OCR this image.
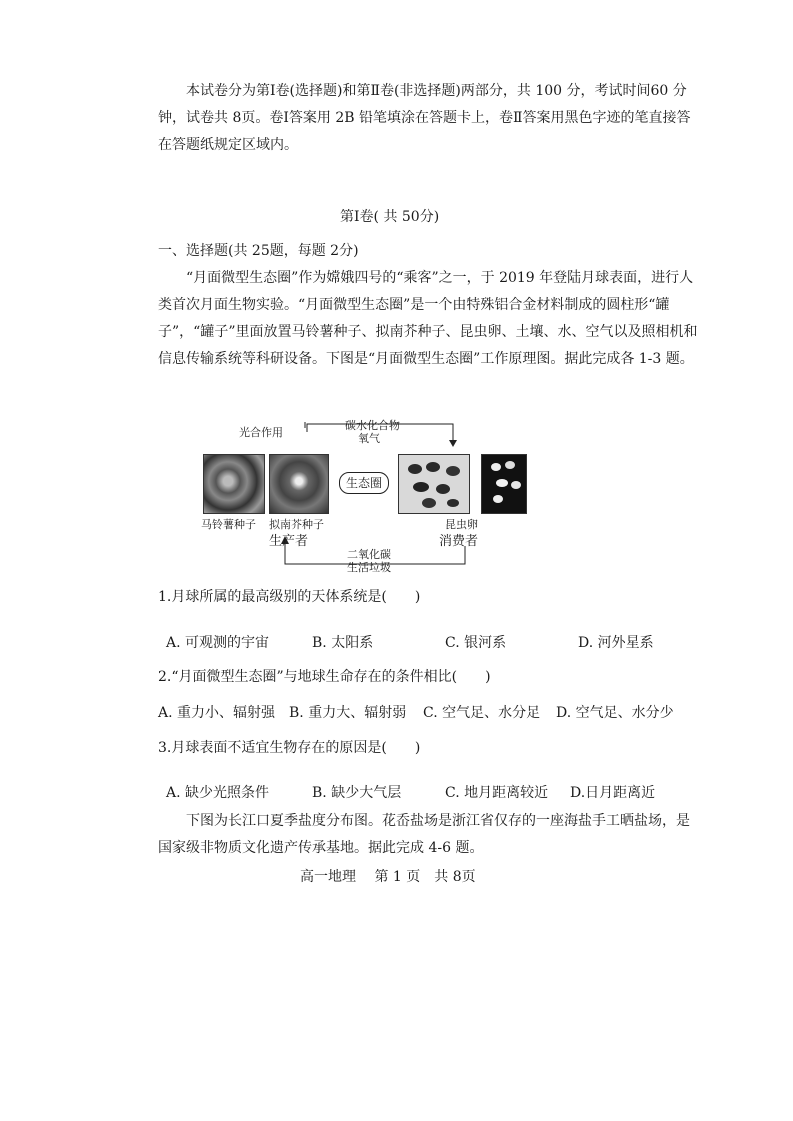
本试卷分为第Ⅰ卷(选择题)和第Ⅱ卷(非选择题)两部分，共 100 分，考试时间60 分钟，试卷共 8页。卷Ⅰ答案用 2B 铅笔填涂在答题卡上，卷Ⅱ答案用黑色字迹的笔直接答在答题纸规定区域内。
第Ⅰ卷( 共 50分)
一、选择题(共 25题，每题 2分)
“月面微型生态圈”作为嫦娥四号的“乘客”之一，于 2019 年登陆月球表面，进行人类首次月面生物实验。“月面微型生态圈”是一个由特殊铝合金材料制成的圆柱形“罐子”，“罐子”里面放置马铃薯种子、拟南芥种子、昆虫卵、土壤、水、空气以及照相机和信息传输系统等科研设备。下图是“月面微型生态圈”工作原理图。据此完成各 1-3 题。
光合作用
碳水化合物
氧气
生态圈
马铃薯种子 拟南芥种子	昆虫卵
生产者	消费者
二氧化碳
生活垃圾
1.月球所属的最高级别的天体系统是(　　)
A. 可观测的宇宙	B. 太阳系	C. 银河系	D. 河外星系
2.“月面微型生态圈”与地球生命存在的条件相比(　　)
A. 重力小、辐射强 B. 重力大、辐射弱 C. 空气足、水分足 D. 空气足、水分少
3.月球表面不适宜生物存在的原因是(　　)
A. 缺少光照条件	B. 缺少大气层	C. 地月距离较近 D.日月距离近
下图为长江口夏季盐度分布图。花岙盐场是浙江省仅存的一座海盐手工晒盐场，是国家级非物质文化遗产传承基地。据此完成 4-6 题。
高一地理　 第 1 页　共 8页
